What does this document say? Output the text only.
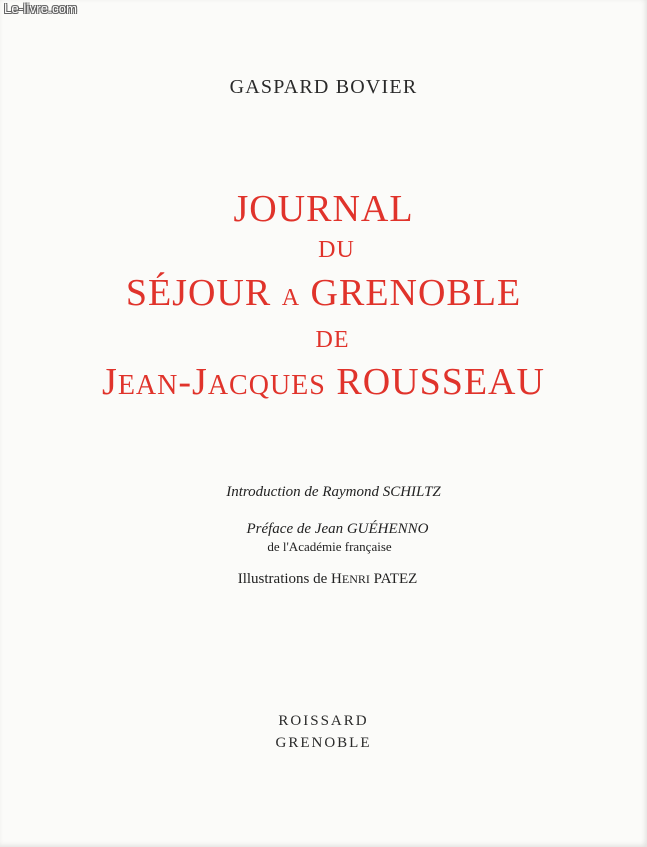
Le-livre.com
GASPARD BOVIER
JOURNAL
DU
SÉJOUR A GRENOBLE
DE
JEAN-JACQUES ROUSSEAU
Introduction de Raymond SCHILTZ
Préface de Jean GUÉHENNO
de l'Académie française
Illustrations de HENRI PATEZ
ROISSARD
GRENOBLE
